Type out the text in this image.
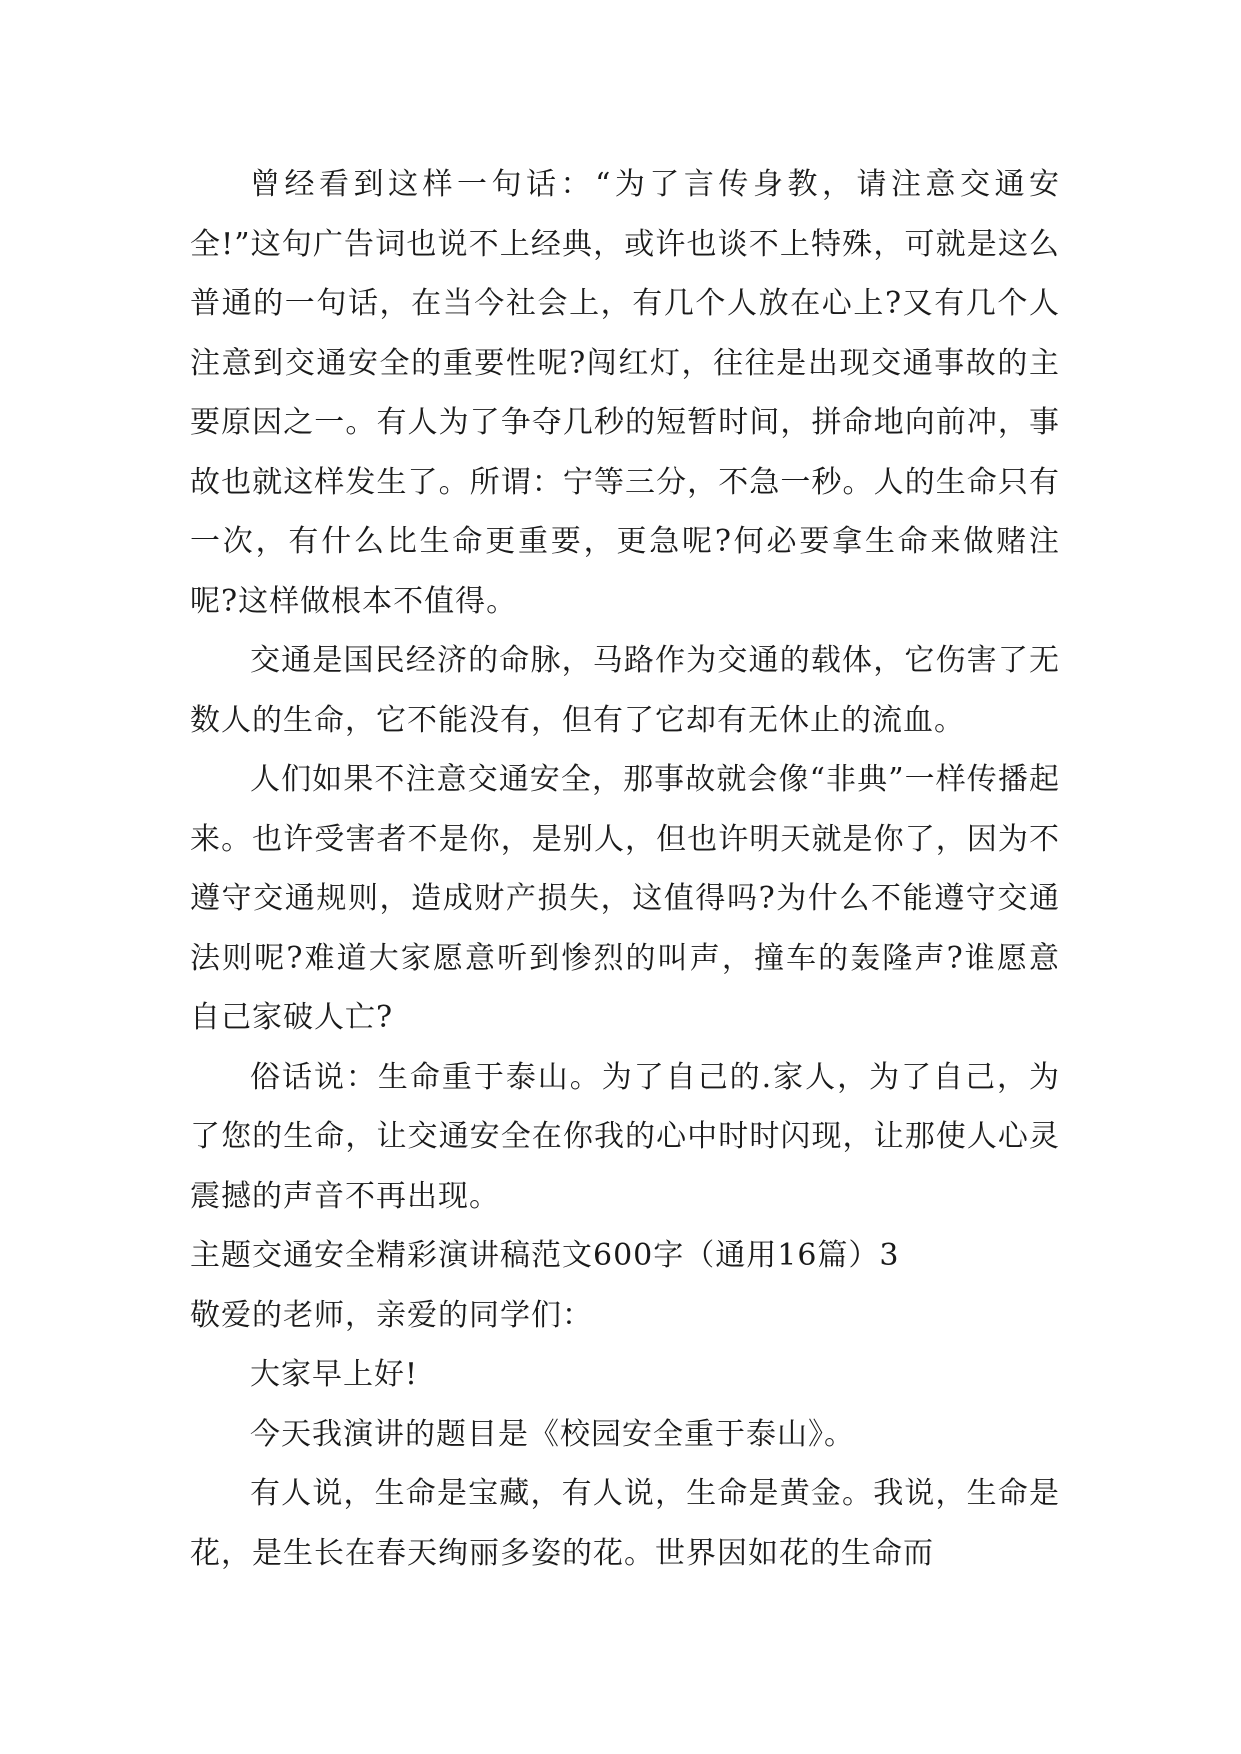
曾经看到这样一句话：“为了言传身教，请注意交通安全!”这句广告词也说不上经典，或许也谈不上特殊，可就是这么普通的一句话，在当今社会上，有几个人放在心上?又有几个人注意到交通安全的重要性呢?闯红灯，往往是出现交通事故的主要原因之一。有人为了争夺几秒的短暂时间，拼命地向前冲，事故也就这样发生了。所谓：宁等三分，不急一秒。人的生命只有一次，有什么比生命更重要，更急呢?何必要拿生命来做赌注呢?这样做根本不值得。

交通是国民经济的命脉，马路作为交通的载体，它伤害了无数人的生命，它不能没有，但有了它却有无休止的流血。

人们如果不注意交通安全，那事故就会像“非典”一样传播起来。也许受害者不是你，是别人，但也许明天就是你了，因为不遵守交通规则，造成财产损失，这值得吗?为什么不能遵守交通法则呢?难道大家愿意听到惨烈的叫声，撞车的轰隆声?谁愿意自己家破人亡?

俗话说：生命重于泰山。为了自己的.家人，为了自己，为了您的生命，让交通安全在你我的心中时时闪现，让那使人心灵震撼的声音不再出现。

主题交通安全精彩演讲稿范文600字（通用16篇）3

敬爱的老师，亲爱的同学们：

大家早上好!

今天我演讲的题目是《校园安全重于泰山》。

有人说，生命是宝藏，有人说，生命是黄金。我说，生命是花，是生长在春天绚丽多姿的花。世界因如花的生命而
